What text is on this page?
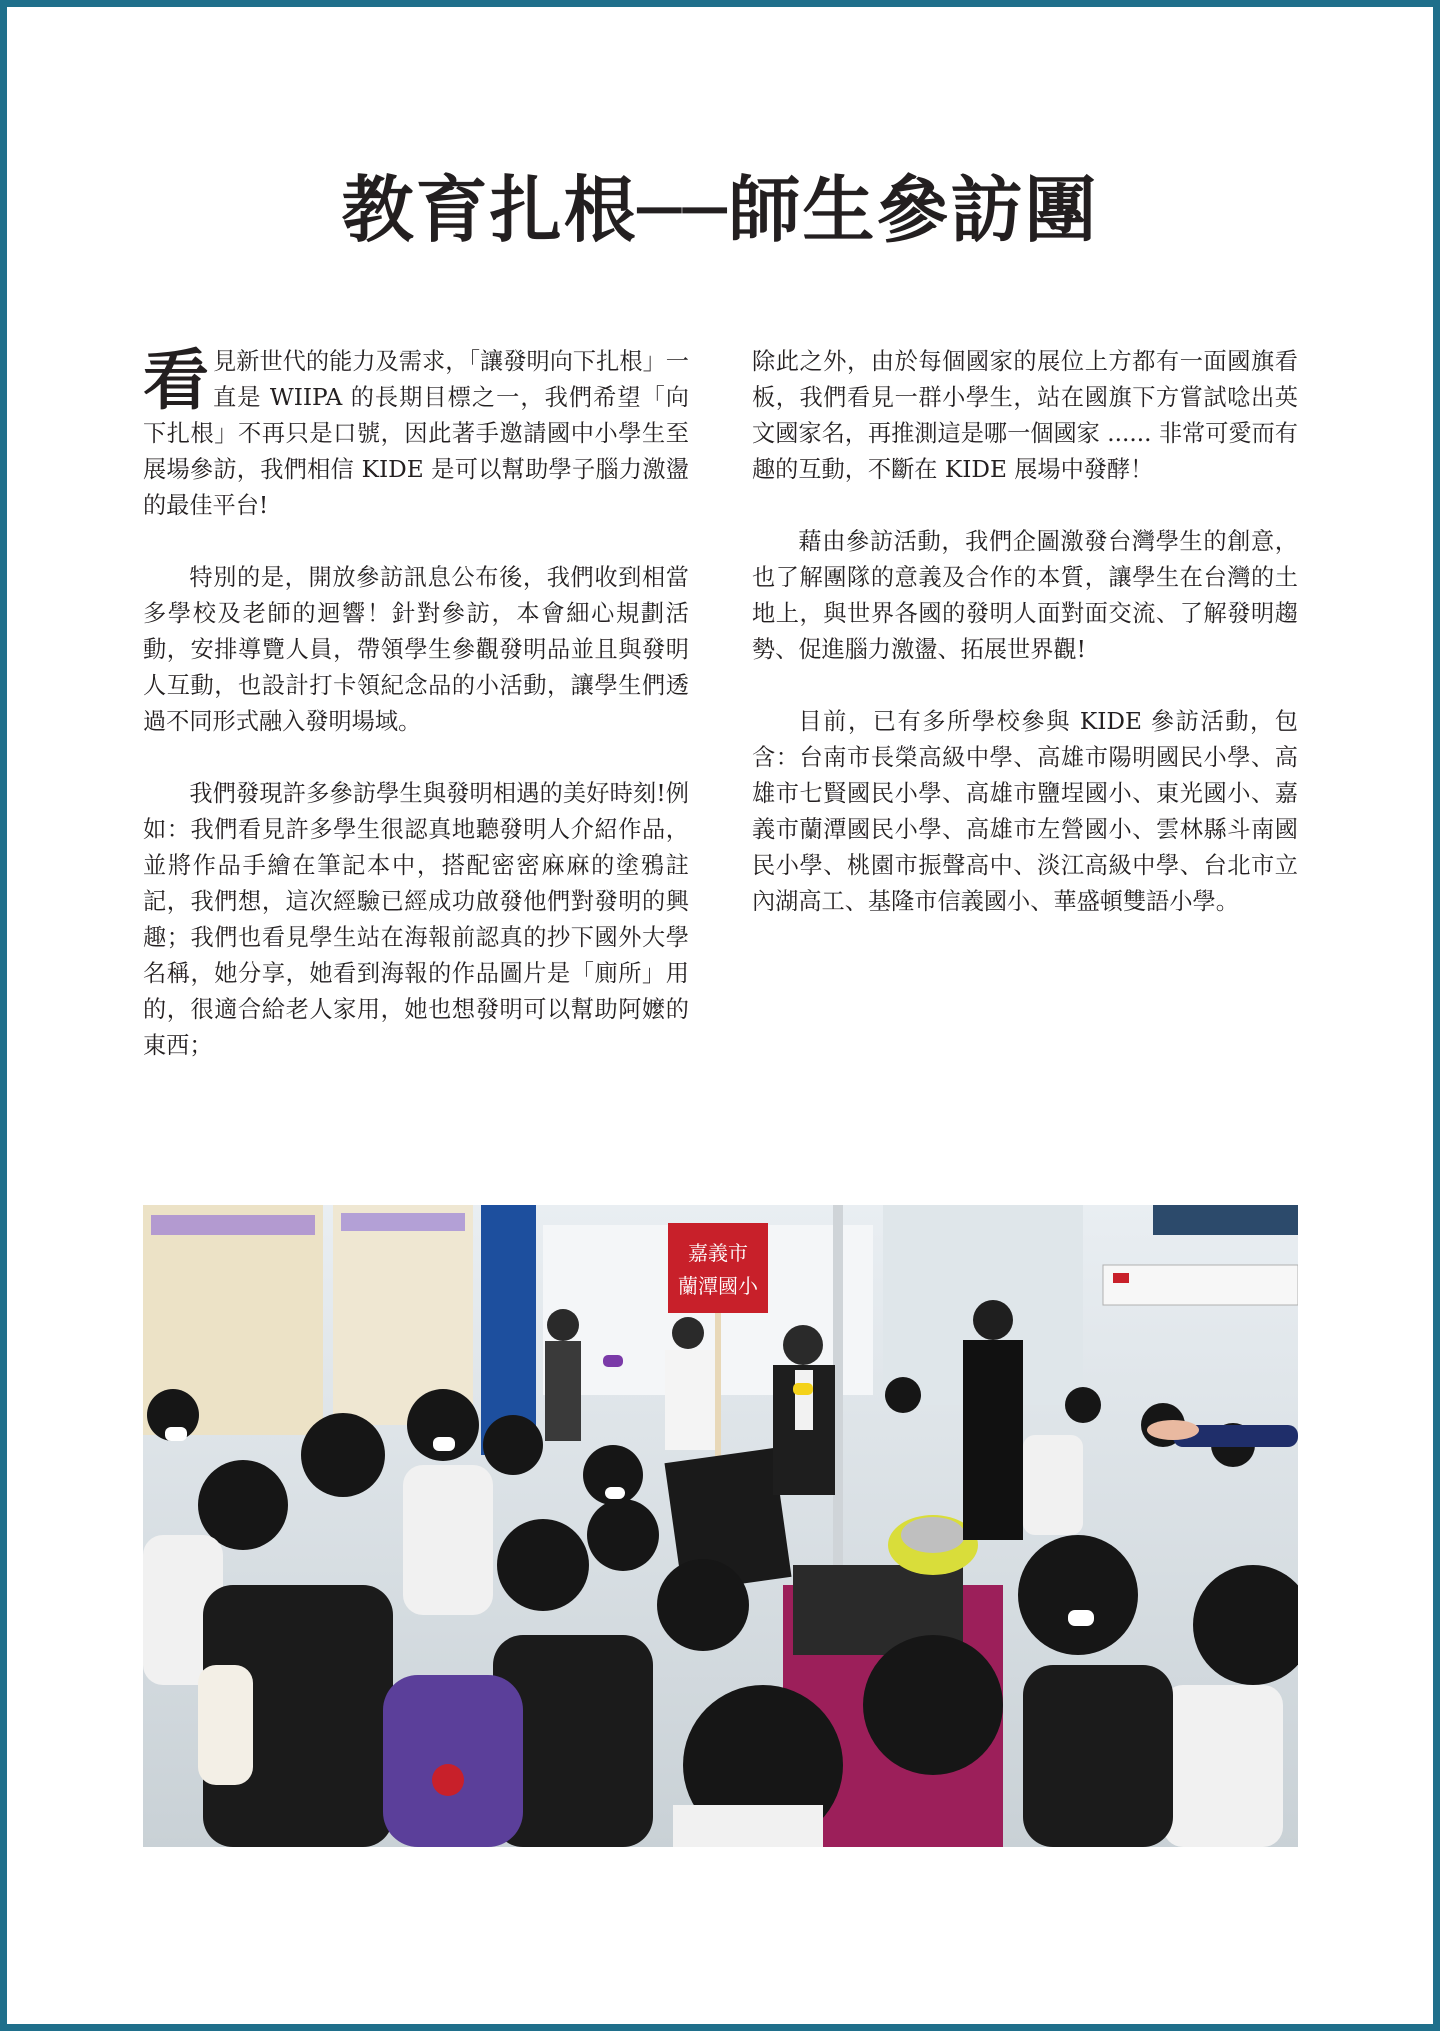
教育扎根──師生參訪團

看 見新世代的能力及需求，「讓發明向下扎根」一直是 WIIPA 的長期目標之一，我們希望「向下扎根」不再只是口號，因此著手邀請國中小學生至展場參訪，我們相信 KIDE 是可以幫助學子腦力激盪的最佳平台!

特別的是，開放參訪訊息公布後，我們收到相當多學校及老師的迴響！針對參訪，本會細心規劃活動，安排導覽人員，帶領學生參觀發明品並且與發明人互動，也設計打卡領紀念品的小活動，讓學生們透過不同形式融入發明場域。

我們發現許多參訪學生與發明相遇的美好時刻!例如：我們看見許多學生很認真地聽發明人介紹作品，並將作品手繪在筆記本中，搭配密密麻麻的塗鴉註記，我們想，這次經驗已經成功啟發他們對發明的興趣；我們也看見學生站在海報前認真的抄下國外大學名稱，她分享，她看到海報的作品圖片是「廁所」用的，很適合給老人家用，她也想發明可以幫助阿嬤的東西；

除此之外，由於每個國家的展位上方都有一面國旗看板，我們看見一群小學生，站在國旗下方嘗試唸出英文國家名，再推測這是哪一個國家 ...... 非常可愛而有趣的互動，不斷在 KIDE 展場中發酵！

藉由參訪活動，我們企圖激發台灣學生的創意， 也了解團隊的意義及合作的本質，讓學生在台灣的土地上，與世界各國的發明人面對面交流、了解發明趨勢、促進腦力激盪、拓展世界觀!

目前，已有多所學校參與 KIDE 參訪活動，包含：台南市長榮高級中學、高雄市陽明國民小學、高雄市七賢國民小學、高雄市鹽埕國小、東光國小、嘉義市蘭潭國民小學、高雄市左營國小、雲林縣斗南國民小學、桃園市振聲高中、淡江高級中學、台北市立內湖高工、基隆市信義國小、華盛頓雙語小學。

嘉義市
蘭潭國小
